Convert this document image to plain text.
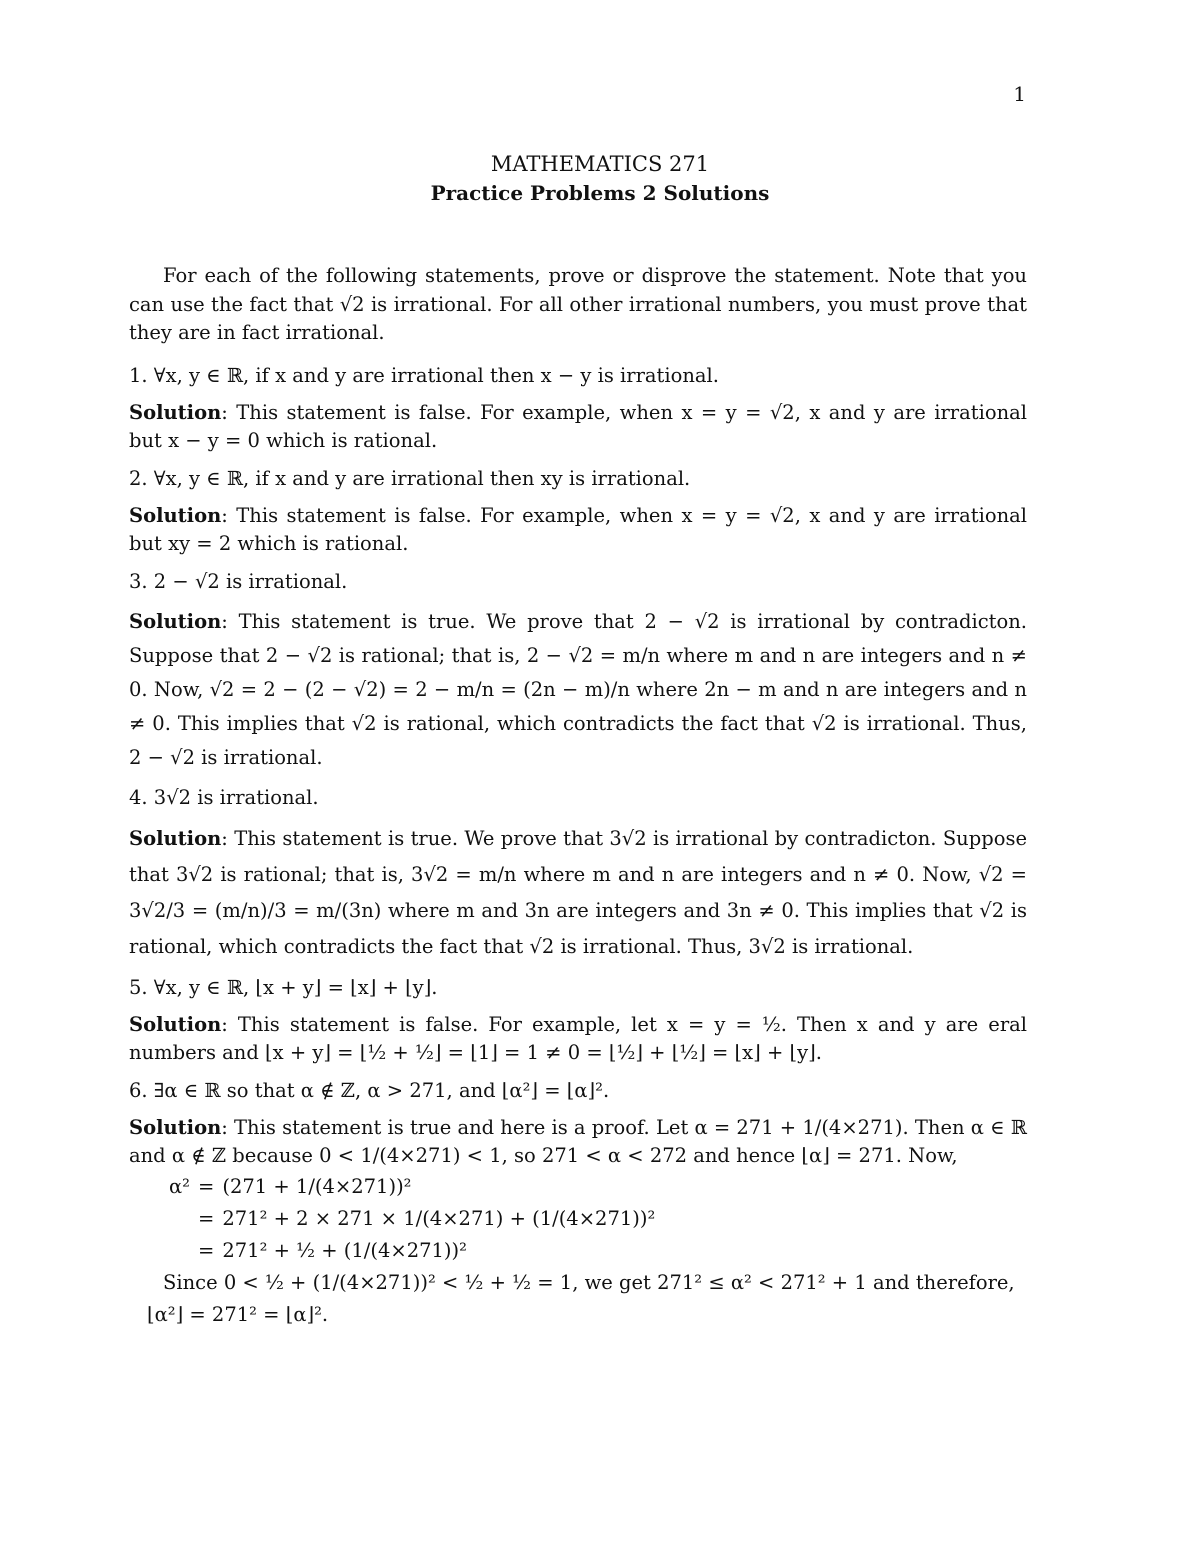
1
MATHEMATICS 271
Practice Problems 2 Solutions

For each of the following statements, prove or disprove the statement. Note that you can use the fact that √2 is irrational. For all other irrational numbers, you must prove that they are in fact irrational.

1. ∀x, y ∈ ℝ, if x and y are irrational then x − y is irrational.

Solution: This statement is false. For example, when x = y = √2, x and y are irrational but x − y = 0 which is rational.

2. ∀x, y ∈ ℝ, if x and y are irrational then xy is irrational.

Solution: This statement is false. For example, when x = y = √2, x and y are irrational but xy = 2 which is rational.

3. 2 − √2 is irrational.

Solution: This statement is true. We prove that 2 − √2 is irrational by contradicton. Suppose that 2 − √2 is rational; that is, 2 − √2 = m/n where m and n are integers and n ≠ 0. Now, √2 = 2 − (2 − √2) = 2 − m/n = (2n − m)/n where 2n − m and n are integers and n ≠ 0. This implies that √2 is rational, which contradicts the fact that √2 is irrational. Thus, 2 − √2 is irrational.

4. 3√2 is irrational.

Solution: This statement is true. We prove that 3√2 is irrational by contradicton. Suppose that 3√2 is rational; that is, 3√2 = m/n where m and n are integers and n ≠ 0. Now, √2 = 3√2/3 = (m/n)/3 = m/(3n) where m and 3n are integers and 3n ≠ 0. This implies that √2 is rational, which contradicts the fact that √2 is irrational. Thus, 3√2 is irrational.

5. ∀x, y ∈ ℝ, ⌊x + y⌋ = ⌊x⌋ + ⌊y⌋.

Solution: This statement is false. For example, let x = y = ½. Then x and y are eral numbers and ⌊x + y⌋ = ⌊½ + ½⌋ = ⌊1⌋ = 1 ≠ 0 = ⌊½⌋ + ⌊½⌋ = ⌊x⌋ + ⌊y⌋.

6. ∃α ∈ ℝ so that α ∉ ℤ, α > 271, and ⌊α²⌋ = ⌊α⌋².

Solution: This statement is true and here is a proof. Let α = 271 + 1/(4×271). Then α ∈ ℝ and α ∉ ℤ because 0 < 1/(4×271) < 1, so 271 < α < 272 and hence ⌊α⌋ = 271. Now,

α²	=	(271 + 1/(4×271))²
	=	271² + 2 × 271 × 1/(4×271) + (1/(4×271))²
	=	271² + ½ + (1/(4×271))²

Since 0 < ½ + (1/(4×271))² < ½ + ½ = 1, we get 271² ≤ α² < 271² + 1 and therefore,

⌊α²⌋ = 271² = ⌊α⌋².
